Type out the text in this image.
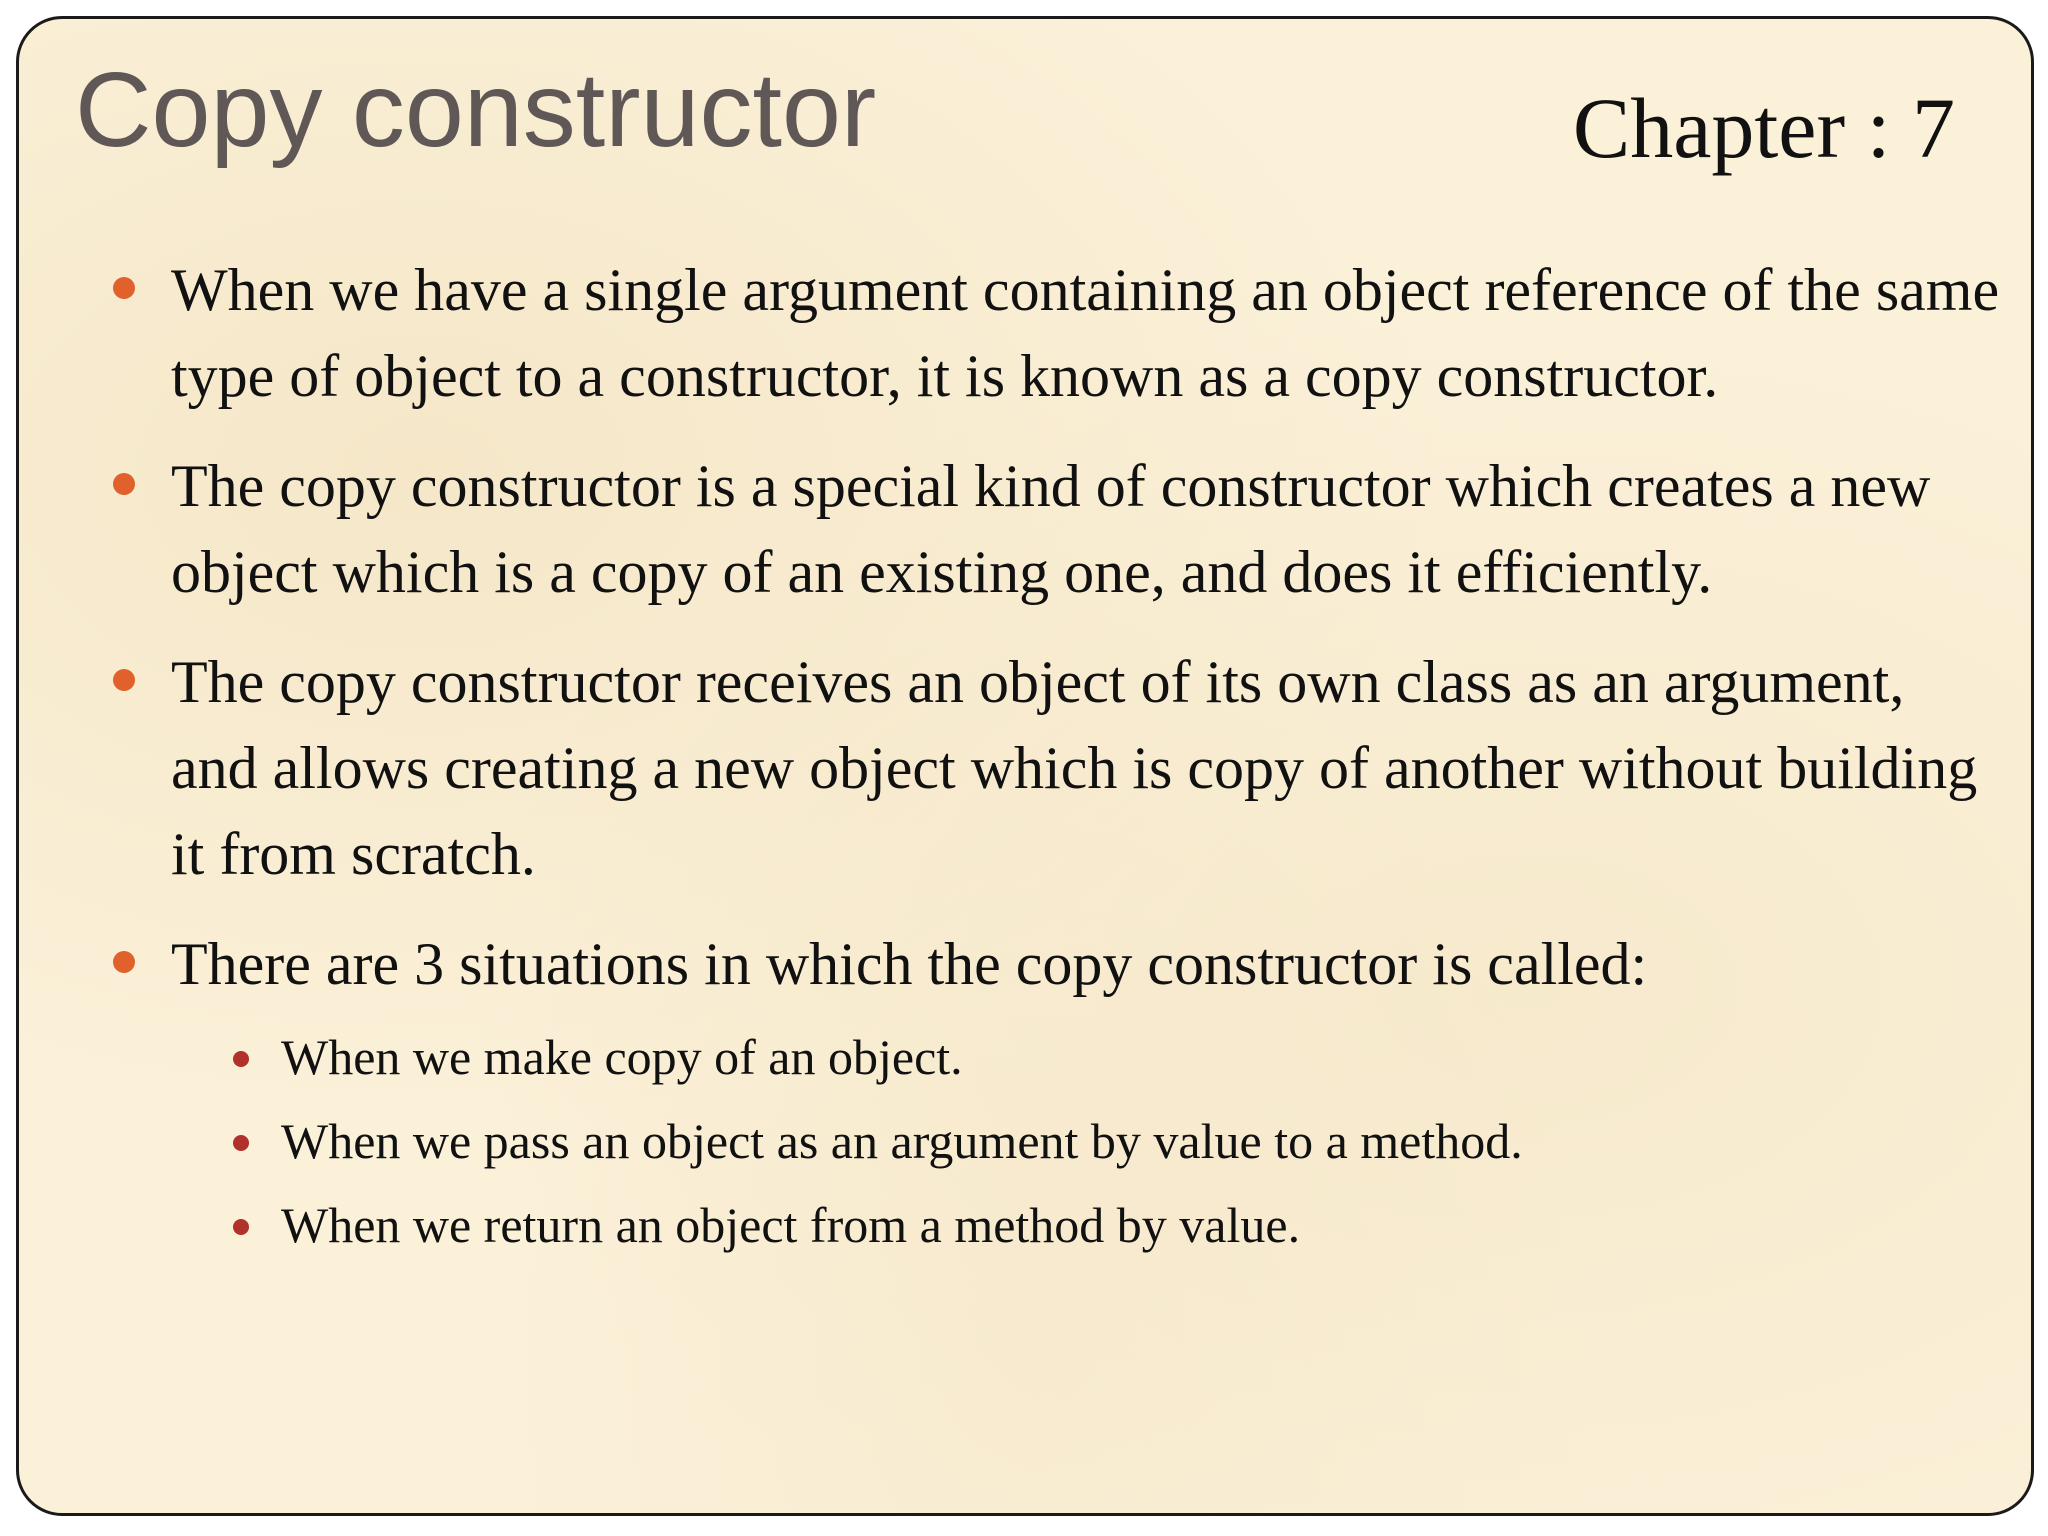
Copy constructor	Chapter : 7
When we have a single argument containing an object reference of the same type of object to a constructor, it is known as a copy constructor.
The copy constructor is a special kind of constructor which creates a new object which is a copy of an existing one, and does it efficiently.
The copy constructor receives an object of its own class as an argument, and allows creating a new object which is copy of another without building it from scratch.
There are 3 situations in which the copy constructor is called:
When we make copy of an object.
When we pass an object as an argument by value to a method.
When we return an object from a method by value.
